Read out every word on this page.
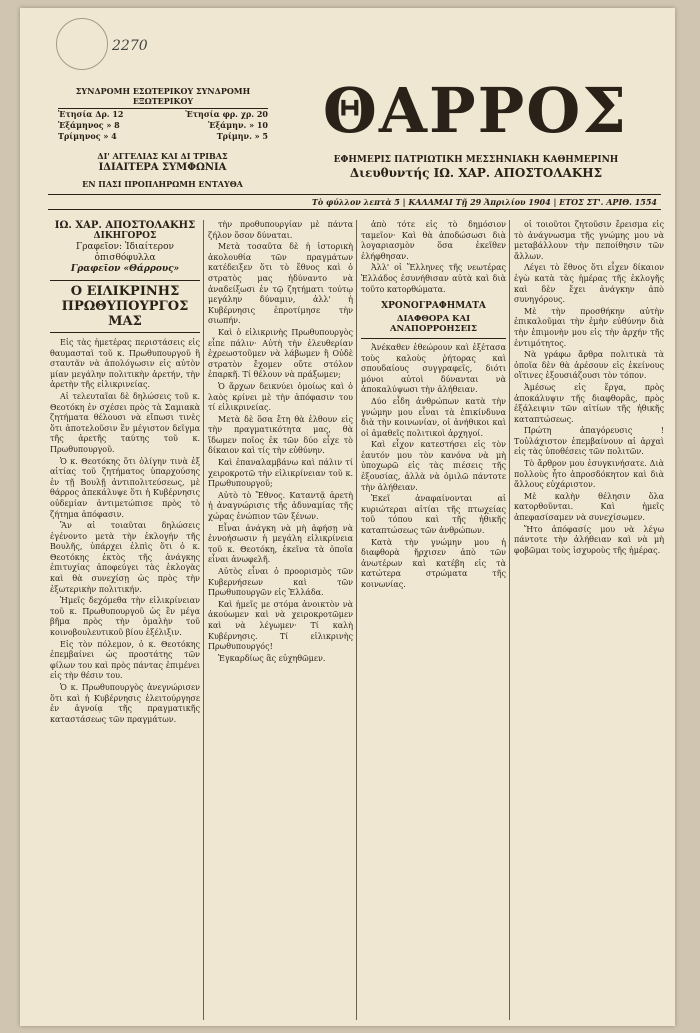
2270
ΣΥΝΔΡΟΜΗ ΕΣΩΤΕΡΙΚΟΥ ΣΥΝΔΡΟΜΗ ΕΞΩΤΕΡΙΚΟΥ
Ἐτησία Δρ. 12	Ἐτησία φρ. χρ. 20
Ἑξάμηνος » 8	Ἑξάμην. » 10
Τρίμηνος » 4	Τρίμην. » 5
ΔΙ' ΑΓΓΕΛΙΑΣ ΚΑΙ ΔΙ ΤΡΙΒΑΣ
ΙΔΙΑΙΤΕΡΑ ΣΥΜΦΩΝΙΑ
ΕΝ ΠΑΣΙ ΠΡΟΠΛΗΡΩΜΗ ΕΝΤΑΥΘΑ
ΘΑΡΡΟΣ
ΕΦΗΜΕΡΙΣ ΠΑΤΡΙΩΤΙΚΗ ΜΕΣΣΗΝΙΑΚΗ ΚΑΘΗΜΕΡΙΝΗ
Διευθυντής ΙΩ. ΧΑΡ. ΑΠΟΣΤΟΛΑΚΗΣ
Τὸ φύλλον λεπτὰ 5 | ΚΑΛΑΜΑΙ Τῇ 29 Ἀπριλίου 1904 | ΕΤΟΣ ΣΤ'. ΑΡΙΘ. 1554
ΙΩ. ΧΑΡ. ΑΠΟΣΤΟΛΑΚΗΣ
ΔΙΚΗΓΟΡΟΣ
Γραφεῖον: Ἰδιαίτερον ὁπισθόφυλλα
Γραφεῖον «Θάρρους»
Ο ΕΙΛΙΚΡΙΝΗΣ ΠΡΩΘΥΠΟΥΡΓΟΣ ΜΑΣ

Εἰς τὰς ἡμετέρας περιστάσεις εἰς θαυμασταὶ τοῦ κ. Πρωθυπουργοῦ ἢ σταυτᾶν νὰ ἀπολόγωσιν εἰς αὐτὸν μίαν μεγάλην πολιτικὴν ἀρετήν, τὴν ἀρετὴν τῆς εἰλικρινείας.

Αἱ τελευταῖαι δὲ δηλώσεις τοῦ κ. Θεοτόκη ἐν σχέσει πρὸς τὰ Σαμιακὰ ζητήματα θέλουσι νὰ εἴπωσι τινὲς ὅτι ἀποτελοῦσιν ἓν μέγιστον δεῖγμα τῆς ἀρετῆς ταύτης τοῦ κ. Πρωθυπουργοῦ.

Ὁ κ. Θεοτόκης ὅτι ὁλίγην τινὰ ἐξ αἰτίας τοῦ ζητήματος ὑπαρχούσης ἐν τῇ Βουλῇ ἀντιπολιτεύσεως, μὲ θάρρος ἀπεκάλυψε ὅτι ἡ Κυβέρνησις οὐδεμίαν ἀντιμετώπισε πρὸς τὸ ζήτημα ἀπόφασιν.

Ἂν αἱ τοιαῦται δηλώσεις ἐγένοντο μετὰ τὴν ἐκλογήν τῆς Βουλῆς, ὑπάρχει ἐλπὶς ὅτι ὁ κ. Θεοτόκης ἐκτὸς τῆς ἀνάγκης ἐπιτυχίας ἀποφεύγει τὰς ἐκλογὰς καὶ θὰ συνεχίσῃ ὡς πρὸς τὴν ἐξωτερικὴν πολιτικήν.

Ἡμεῖς δεχόμεθα τὴν εἰλικρίνειαν τοῦ κ. Πρωθυπουργοῦ ὡς ἓν μέγα βῆμα πρὸς τὴν ὁμαλὴν τοῦ κοινοβουλευτικοῦ βίου ἐξέλιξιν.

Εἰς τὸν πόλεμον, ὁ κ. Θεοτόκης ἐπεμβαίνει ὡς προστάτης τῶν φίλων του καὶ πρὸς πάντας ἐπιμένει εἰς τὴν θέσιν του.

Ὁ κ. Πρωθυπουργὸς ἀνεγνώρισεν ὅτι καὶ ἡ Κυβέρνησις ἐλειτούργησε ἐν ἀγνοίᾳ τῆς πραγματικῆς καταστάσεως τῶν πραγμάτων.

τὴν προθυπουργίαν μὲ πάντα ζήλον ὅσον δύναται.

Μετὰ τοσαῦτα δὲ ἡ ἱστορικὴ ἀκολουθία τῶν πραγμάτων κατέδειξεν ὅτι τὸ ἔθνος καὶ ὁ στρατὸς μας ἠδύναντο νὰ ἀναδείξωσι ἐν τῷ ζητήματι τούτῳ μεγάλην δύναμιν, ἀλλ' ἡ Κυβέρνησις ἐπροτίμησε τὴν σιωπήν.

Καὶ ὁ εἰλικρινὴς Πρωθυπουργὸς εἶπε πάλιν· Αὐτὴ τὴν ἐλευθερίαν ἐχρεωστοῦμεν νὰ λάβωμεν ἢ Οὐδὲ στρατὸν ἔχομεν οὔτε στόλον ἐπαρκῆ. Τί θέλουν νὰ πράξωμεν;

Ὁ ἄρχων δεικνύει ὁμοίως καὶ ὁ λαὸς κρίνει μὲ τὴν ἀπόφασιν του τί εἰλικρινείας.

Μετὰ δὲ ὅσα ἔτη θὰ ἐλθουν εἰς τὴν πραγματικότητα μας, θὰ ἴδωμεν ποῖος ἐκ τῶν δύο εἶχε τὸ δίκαιον καὶ τίς τὴν εὐθύνην.

Καὶ ἐπαναλαμβάνω καὶ πάλιν τί χειροκροτῶ τὴν εἰλικρίνειαν τοῦ κ. Πρωθυπουργοῦ;

Αὐτὸ τὸ Ἔθνος. Καταντᾷ ἀρετὴ ἡ ἀναγνώρισις τῆς ἀδυναμίας τῆς χώρας ἐνώπιον τῶν ξένων.

Εἶναι ἀνάγκη νὰ μὴ ἀφήσῃ νὰ ἐννοήσωσιν ἡ μεγάλη εἰλικρίνεια τοῦ κ. Θεοτόκη, ἐκεῖνα τὰ ὁποῖα εἶναι ἀνωφελῆ.

Αὐτὸς εἶναι ὁ προορισμὸς τῶν Κυβερνήσεων καὶ τῶν Πρωθυπουργῶν εἰς Ἑλλάδα.

Καὶ ἡμεῖς με στόμα ἀνοικτὸν νὰ ἀκούωμεν καὶ νὰ χειροκροτῶμεν καὶ νὰ λέγωμεν· Τί καλὴ Κυβέρνησις. Τί εἰλικρινὴς Πρωθυπουργός!

Ἐγκαρδίως ἂς εὐχηθῶμεν.

ἀπὸ τότε εἰς τὸ δημόσιον ταμεῖον· Καὶ θὰ ἀποδώσωσι διὰ λογαριασμὸν ὅσα ἐκεῖθεν ἐλήφθησαν.

Ἀλλ' οἱ Ἕλληνες τῆς νεωτέρας Ἑλλάδος ἐσυνήθισαν αὐτὰ καὶ διὰ τοῦτο κατορθώματα.

ΧΡΟΝΟΓΡΑΦΗΜΑΤΑ
ΔΙΑΦΘΟΡΑ ΚΑΙ ΑΝΑΠΟΡΡΟΗΣΕΙΣ

Ἀνέκαθεν ἐθεώρουν καὶ ἐξέτασα τοὺς καλοὺς ῥήτορας καὶ σπουδαίους συγγραφεῖς, διότι μόνοι αὐτοὶ δύνανται νὰ ἀποκαλύψωσι τὴν ἀλήθειαν.

Δύο εἶδη ἀνθρώπων κατὰ τὴν γνώμην μου εἶναι τὰ ἐπικίνδυνα διὰ τὴν κοινωνίαν, οἱ ἀνήθικοι καὶ οἱ ἀμαθεῖς πολιτικοὶ ἀρχηγοί.

Καὶ εἶχον κατεστήσει εἰς τὸν ἑαυτόν μου τὸν κανόνα νὰ μὴ ὑποχωρῶ εἰς τὰς πιέσεις τῆς ἐξουσίας, ἀλλὰ νὰ ὁμιλῶ πάντοτε τὴν ἀλήθειαν.

Ἐκεῖ ἀναφαίνονται αἱ κυριώτεραι αἰτίαι τῆς πτωχείας τοῦ τόπου καὶ τῆς ἠθικῆς καταπτώσεως τῶν ἀνθρώπων.

Κατὰ τὴν γνώμην μου ἡ διαφθορὰ ἤρχισεν ἀπὸ τῶν ἀνωτέρων καὶ κατέβη εἰς τὰ κατώτερα στρώματα τῆς κοινωνίας.

οἱ τοιοῦτοι ζητοῦσιν ἔρεισμα εἰς τὸ ἀνάγνωσμα τῆς γνώμης μου νὰ μεταβάλλουν τὴν πεποίθησιν τῶν ἄλλων.

Λέγει τὸ ἔθνος ὅτι εἶχεν δίκαιον ἐγὼ κατὰ τὰς ἡμέρας τῆς ἐκλογῆς καὶ δὲν ἔχει ἀνάγκην ἀπὸ συνηγόρους.

Μὲ τὴν προσθήκην αὐτὴν ἐπικαλοῦμαι τὴν ἐμὴν εὐθύνην διὰ τὴν ἐπιμονὴν μου εἰς τὴν ἀρχήν τῆς ἐντιμότητος.

Νὰ γράφω ἄρθρα πολιτικὰ τὰ ὁποῖα δὲν θὰ ἀρέσουν εἰς ἐκείνους οἵτινες ἐξουσιάζουσι τὸν τόπον.

Ἀμέσως εἰς ἔργα, πρὸς ἀποκάλυψιν τῆς διαφθορᾶς, πρὸς ἐξάλειψιν τῶν αἰτίων τῆς ἠθικῆς καταπτώσεως.

Πρώτη ἀπαγόρευσις ! Τοὐλάχιστον ἐπεμβαίνουν αἱ ἀρχαὶ εἰς τὰς ὑποθέσεις τῶν πολιτῶν.

Τὸ ἄρθρον μου ἐσυγκινήσατε. Διὰ πολλοὺς ἦτο ἀπροσδόκητον καὶ διὰ ἄλλους εὐχάριστον.

Μὲ καλὴν θέλησιν ὅλα κατορθοῦνται. Καὶ ἡμεῖς ἀπεφασίσαμεν νὰ συνεχίσωμεν.

Ἤτο ἀπόφασίς μου νὰ λέγω πάντοτε τὴν ἀλήθειαν καὶ νὰ μὴ φοβῶμαι τοὺς ἰσχυροὺς τῆς ἡμέρας.
